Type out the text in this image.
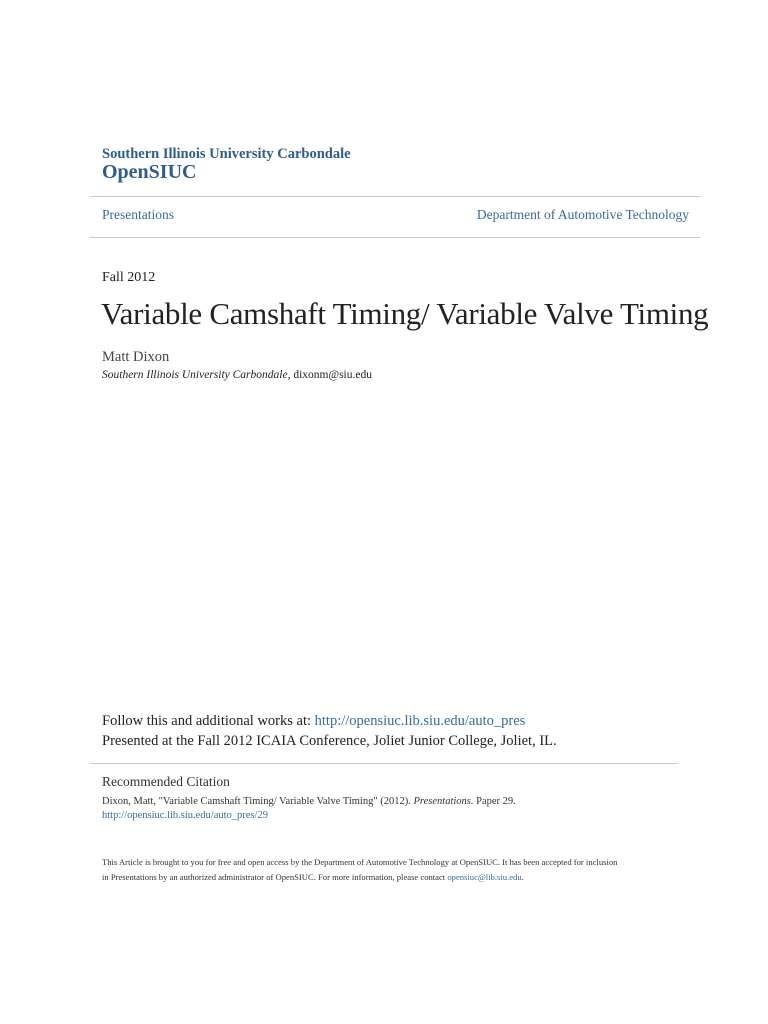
Southern Illinois University Carbondale
OpenSIUC
Presentations	Department of Automotive Technology
Fall 2012
Variable Camshaft Timing/ Variable Valve Timing
Matt Dixon
Southern Illinois University Carbondale, dixonm@siu.edu
Follow this and additional works at: http://opensiuc.lib.siu.edu/auto_pres
Presented at the Fall 2012 ICAIA Conference, Joliet Junior College, Joliet, IL.
Recommended Citation
Dixon, Matt, "Variable Camshaft Timing/ Variable Valve Timing" (2012). Presentations. Paper 29.
http://opensiuc.lib.siu.edu/auto_pres/29
This Article is brought to you for free and open access by the Department of Automotive Technology at OpenSIUC. It has been accepted for inclusion
in Presentations by an authorized administrator of OpenSIUC. For more information, please contact opensiuc@lib.siu.edu.
